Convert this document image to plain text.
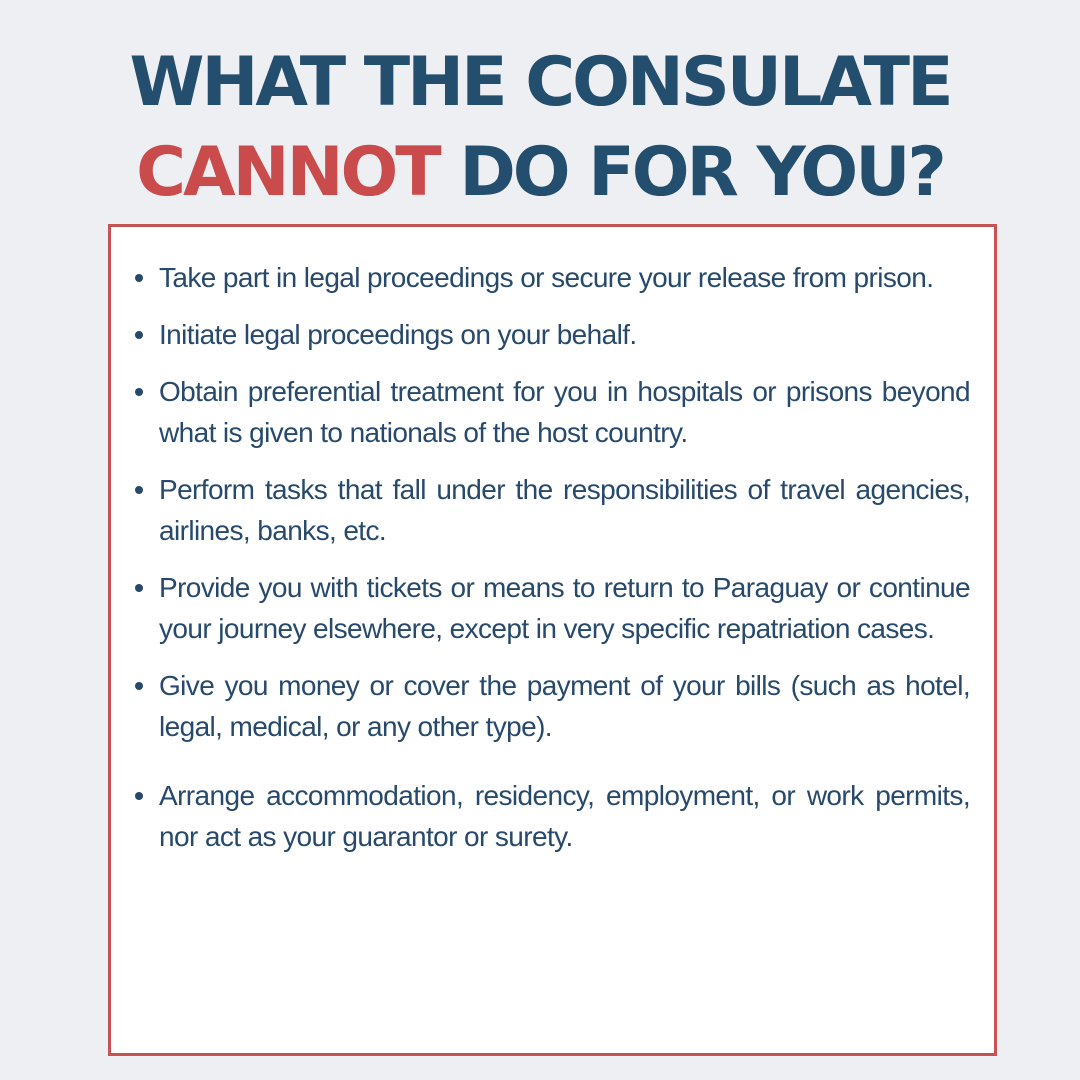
WHAT THE CONSULATE
CANNOT DO FOR YOU?
Take part in legal proceedings or secure your release from prison.
Initiate legal proceedings on your behalf.
Obtain preferential treatment for you in hospitals or prisons beyond what is given to nationals of the host country.
Perform tasks that fall under the responsibilities of travel agencies, airlines, banks, etc.
Provide you with tickets or means to return to Paraguay or continue your journey elsewhere, except in very specific repatriation cases.
Give you money or cover the payment of your bills (such as hotel, legal, medical, or any other type).
Arrange accommodation, residency, employment, or work permits, nor act as your guarantor or surety.
